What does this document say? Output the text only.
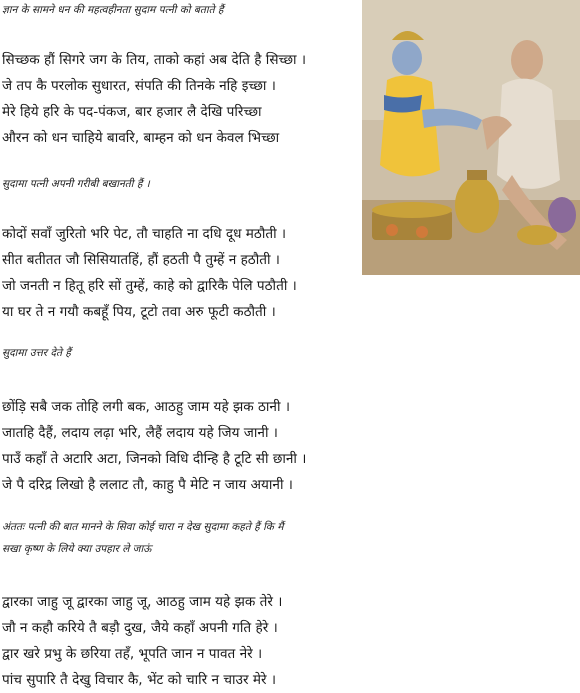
ज्ञान के सामने धन की महत्वहीनता सुदाम पत्नी को बताते हैं
सिच्छक हौं सिगरे जग के तिय, ताको कहां अब देति है सिच्छा ।
जे तप कै परलोक सुधारत, संपति की तिनके नहि इच्छा ।
मेरे हिये हरि के पद-पंकज, बार हजार लै देखि परिच्छा
औरन को धन चाहिये बावरि, बाम्हन को धन केवल भिच्छा
सुदामा पत्नी अपनी गरीबी बखानती हैं ।
कोदों सवाँ जुरितो भरि पेट, तौ चाहति ना दधि दूध मठौती ।
सीत बतीतत जौ सिसियातहिं, हौं हठती पै तुम्हें न हठौती ।
जो जनती न हितू हरि सों तुम्हें, काहे को द्वारिकै पेलि पठौती ।
या घर ते न गयौ कबहूँ पिय, टूटो तवा अरु फूटी कठौती ।
सुदामा उत्तर देते हैं
छोंड़ि सबै जक तोहि लगी बक, आठहु जाम यहे झक ठानी ।
जातहि दैहैं, लदाय लढ़ा भरि, लैहैं लदाय यहे जिय जानी ।
पाउँ कहाँ ते अटारि अटा, जिनको विधि दीन्हि है टूटि सी छानी ।
जे पै दरिद्र लिखो है ललाट तौ, काहु पै मेटि न जाय अयानी ।
अंततः पत्नी की बात मानने के सिवा कोई चारा न देख सुदामा कहते हैं कि मैं
सखा कृष्ण के लिये क्या उपहार ले जाऊं
द्वारका जाहु जू द्वारका जाहु जू, आठहु जाम यहे झक तेरे ।
जौ न कहौ करिये तै बड़ौ दुख, जैये कहाँ अपनी गति हेरे ।
द्वार खरे प्रभु के छरिया तहँ, भूपति जान न पावत नेरे ।
पांच सुपारि तै देखु विचार कै, भेंट को चारि न चाउर मेरे ।
